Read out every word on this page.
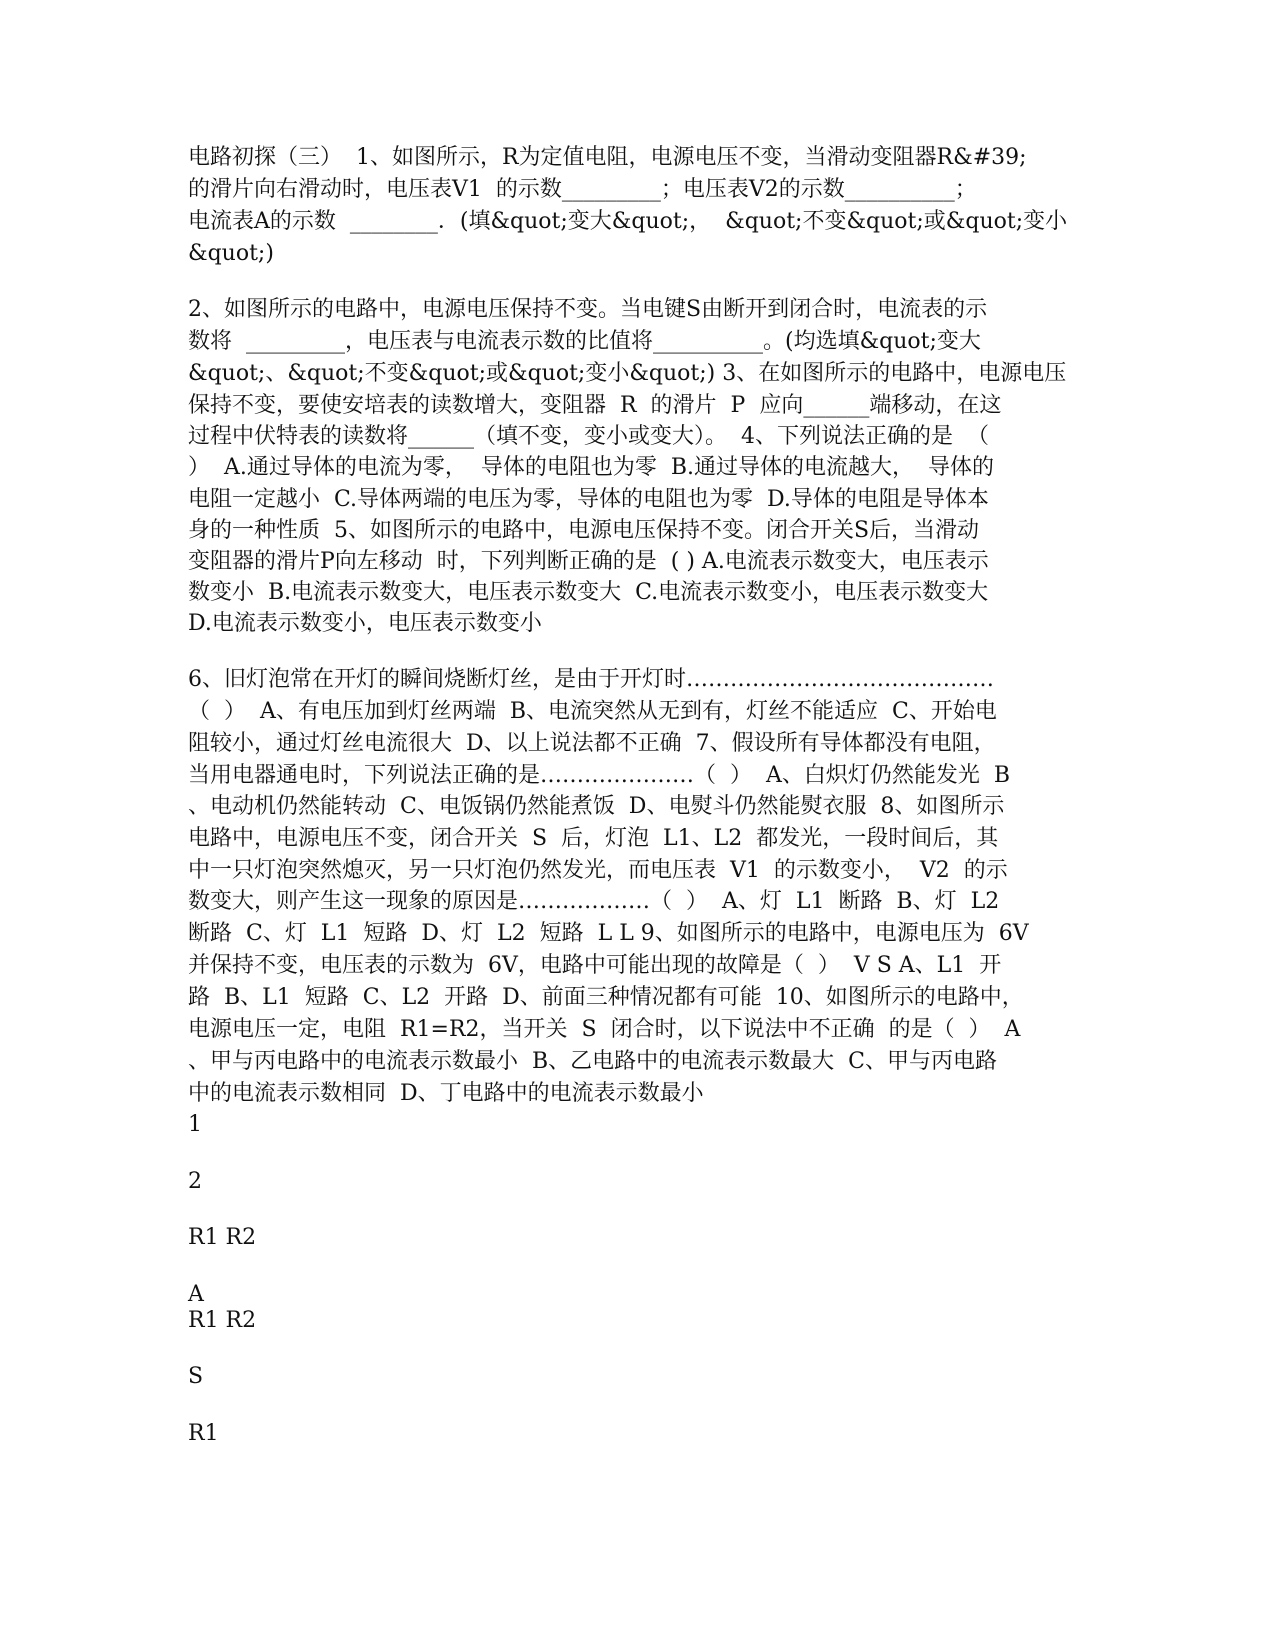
电路初探（三）  1、如图所示，R为定值电阻，电源电压不变，当滑动变阻器R&#39;
的滑片向右滑动时，电压表V1  的示数_________；电压表V2的示数__________；
电流表A的示数  ________．(填&quot;变大&quot;，  &quot;不变&quot;或&quot;变小
&quot;)
2、如图所示的电路中，电源电压保持不变。当电键S由断开到闭合时，电流表的示
数将  _________，电压表与电流表示数的比值将__________。(均选填&quot;变大
&quot;、&quot;不变&quot;或&quot;变小&quot;) 3、在如图所示的电路中，电源电压
保持不变，要使安培表的读数增大，变阻器  R  的滑片  P  应向______端移动，在这
过程中伏特表的读数将______（填不变，变小或变大）。  4、下列说法正确的是  （
）  A.通过导体的电流为零，  导体的电阻也为零  B.通过导体的电流越大，  导体的
电阻一定越小  C.导体两端的电压为零，导体的电阻也为零  D.导体的电阻是导体本
身的一种性质  5、如图所示的电路中，电源电压保持不变。闭合开关S后，当滑动
变阻器的滑片P向左移动  时，下列判断正确的是  ( ) A.电流表示数变大，电压表示
数变小  B.电流表示数变大，电压表示数变大  C.电流表示数变小，电压表示数变大
D.电流表示数变小，电压表示数变小
6、旧灯泡常在开灯的瞬间烧断灯丝，是由于开灯时……………………………………
（  ）  A、有电压加到灯丝两端  B、电流突然从无到有，灯丝不能适应  C、开始电
阻较小，通过灯丝电流很大  D、以上说法都不正确  7、假设所有导体都没有电阻，
当用电器通电时，下列说法正确的是…………………（  ）  A、白炽灯仍然能发光  B
、电动机仍然能转动  C、电饭锅仍然能煮饭  D、电熨斗仍然能熨衣服  8、如图所示
电路中，电源电压不变，闭合开关  S  后，灯泡  L1、L2  都发光，一段时间后，其
中一只灯泡突然熄灭，另一只灯泡仍然发光，而电压表  V1  的示数变小，  V2  的示
数变大，则产生这一现象的原因是………………（  ）  A、灯  L1  断路  B、灯  L2
断路  C、灯  L1  短路  D、灯  L2  短路  L L 9、如图所示的电路中，电源电压为  6V
并保持不变，电压表的示数为  6V，电路中可能出现的故障是（  ）  V S A、L1  开
路  B、L1  短路  C、L2  开路  D、前面三种情况都有可能  10、如图所示的电路中，
电源电压一定，电阻  R1=R2，当开关  S  闭合时，以下说法中不正确  的是（  ）  A
、甲与丙电路中的电流表示数最小  B、乙电路中的电流表示数最大  C、甲与丙电路
中的电流表示数相同  D、丁电路中的电流表示数最小
1
2
R1 R2
A
R1 R2
S
R1
